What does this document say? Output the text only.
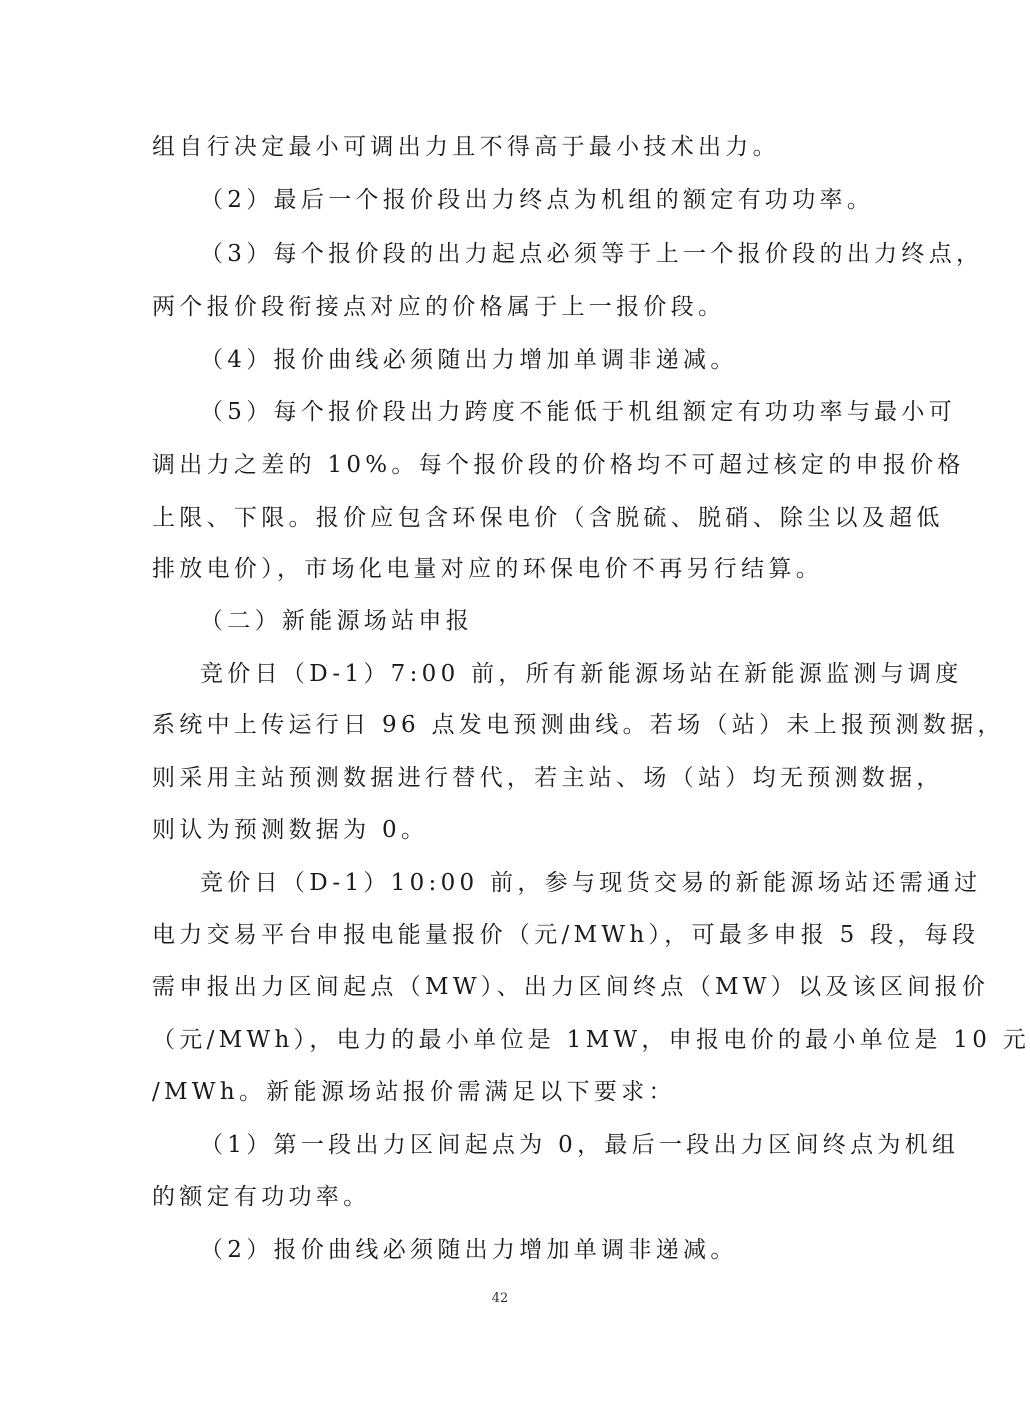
组自行决定最小可调出力且不得高于最小技术出力。
（2）最后一个报价段出力终点为机组的额定有功功率。
（3）每个报价段的出力起点必须等于上一个报价段的出力终点，
两个报价段衔接点对应的价格属于上一报价段。
（4）报价曲线必须随出力增加单调非递减。
（5）每个报价段出力跨度不能低于机组额定有功功率与最小可
调出力之差的 10%。每个报价段的价格均不可超过核定的申报价格
上限、下限。报价应包含环保电价（含脱硫、脱硝、除尘以及超低
排放电价），市场化电量对应的环保电价不再另行结算。
（二）新能源场站申报
竞价日（D-1）7:00 前，所有新能源场站在新能源监测与调度
系统中上传运行日 96 点发电预测曲线。若场（站）未上报预测数据，
则采用主站预测数据进行替代，若主站、场（站）均无预测数据，
则认为预测数据为 0。
竞价日（D-1）10:00 前，参与现货交易的新能源场站还需通过
电力交易平台申报电能量报价（元/MWh），可最多申报 5 段，每段
需申报出力区间起点（MW）、出力区间终点（MW）以及该区间报价
（元/MWh），电力的最小单位是 1MW，申报电价的最小单位是 10 元
/MWh。新能源场站报价需满足以下要求：
（1）第一段出力区间起点为 0，最后一段出力区间终点为机组
的额定有功功率。
（2）报价曲线必须随出力增加单调非递减。
42
